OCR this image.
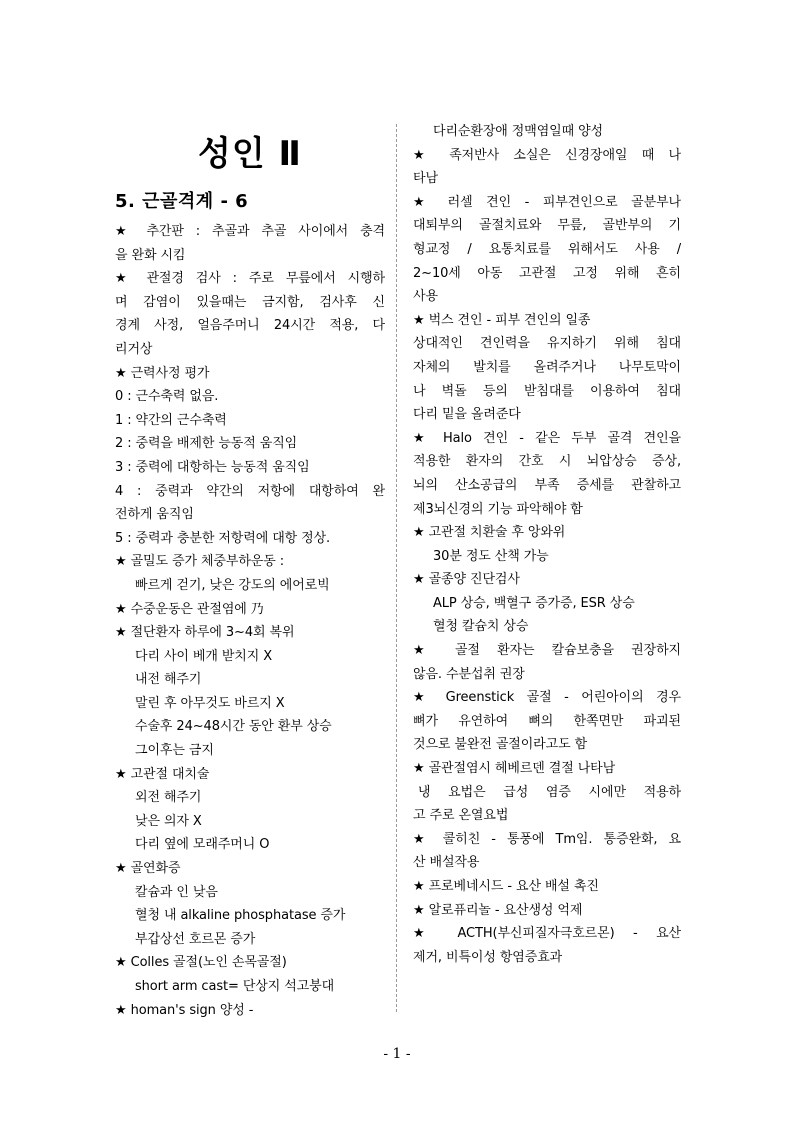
성인 Ⅱ
5. 근골격계 - 6
★ 추간판 : 추골과 추골 사이에서 충격
을 완화 시킴
★ 관절경 검사 : 주로 무릎에서 시행하
며 감염이 있을때는 금지함, 검사후 신
경계 사정, 얼음주머니 24시간 적용, 다
리거상
★ 근력사정 평가
0 : 근수축력 없음.
1 : 약간의 근수축력
2 : 중력을 배제한 능동적 움직임
3 : 중력에 대항하는 능동적 움직임
4 : 중력과 약간의 저항에 대항하여 완
전하게 움직임
5 : 중력과 충분한 저항력에 대항 정상.
★ 골밀도 증가 체중부하운동 :
빠르게 걷기, 낮은 강도의 에어로빅
★ 수중운동은 관절염에 乃
★ 절단환자 하루에 3~4회 복위
다리 사이 베개 받치지 X
내전 해주기
말린 후 아무것도 바르지 X
수술후 24~48시간 동안 환부 상승
그이후는 금지
★ 고관절 대치술
외전 해주기
낮은 의자 X
다리 옆에 모래주머니 O
★ 골연화증
칼슘과 인 낮음
혈청 내 alkaline phosphatase 증가
부갑상선 호르몬 증가
★ Colles 골절(노인 손목골절)
short arm cast= 단상지 석고붕대
★ homan's sign 양성 -
다리순환장애 정맥염일때 양성
★ 족저반사 소실은 신경장애일 때 나
타남
★ 러셀 견인 - 피부견인으로 골분부나
대퇴부의 골절치료와 무릎, 골반부의 기
형교정 / 요통치료를 위해서도 사용 /
2~10세 아동 고관절 고정 위해 흔히
사용
★ 벅스 견인 - 피부 견인의 일종
상대적인 견인력을 유지하기 위해 침대
자체의 발치를 올려주거나 나무토막이
나 벽돌 등의 받침대를 이용하여 침대
다리 밑을 올려준다
★ Halo 견인 - 같은 두부 골격 견인을
적용한 환자의 간호 시 뇌압상승 증상,
뇌의 산소공급의 부족 증세를 관찰하고
제3뇌신경의 기능 파악해야 함
★ 고관절 치환술 후 앙와위
30분 정도 산책 가능
★ 골종양 진단검사
ALP 상승, 백혈구 증가증, ESR 상승
혈청 칼슘치 상승
★ 골절 환자는 칼슘보충을 권장하지
않음. 수분섭취 권장
★ Greenstick 골절 - 어린아이의 경우
뼈가 유연하여 뼈의 한쪽면만 파괴된
것으로 불완전 골절이라고도 함
★ 골관절염시 헤베르덴 결절 나타남
냉 요법은 급성 염증 시에만 적용하
고 주로 온열요법
★ 콜히친 - 통풍에 Tm임. 통증완화, 요
산 배설작용
★ 프로베네시드 - 요산 배설 촉진
★ 알로퓨리놀 - 요산생성 억제
★ ACTH(부신피질자극호르몬) - 요산
제거, 비특이성 항염증효과
- 1 -
